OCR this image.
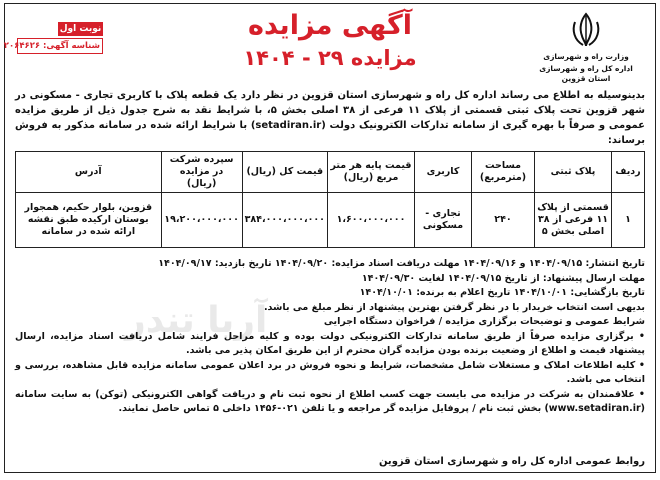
وزارت راه و شهرسازی
اداره کل راه و شهرسازی استان قزوین
آگهی مزایده
مزایده ۲۹ - ۱۴۰۴
نوبت اول
شناسه آگهی: ۲۰۶۴۶۲۶
بدینوسیله به اطلاع می رساند اداره کل راه و شهرسازی استان قزوین در نظر دارد یک قطعه پلاک با کاربری تجاری - مسکونی در شهر قزوین تحت پلاک ثبتی قسمتی از پلاک ۱۱ فرعی از ۳۸ اصلی بخش ۵، با شرایط نقد به شرح جدول ذیل از طریق مزایده عمومی و صرفاً با بهره گیری از سامانه تدارکات الکترونیک دولت (setadiran.ir) با شرایط ارائه شده در سامانه مذکور به فروش برساند:
ردیف	پلاک ثبتی	مساحت (مترمربع)	کاربری	قیمت پایه هر متر مربع (ریال)	قیمت کل (ریال)	سپرده شرکت در مزایده (ریال)	آدرس
۱	قسمتی از پلاک ۱۱ فرعی از ۳۸ اصلی بخش ۵	۲۴۰	تجاری - مسکونی	۱،۶۰۰،۰۰۰،۰۰۰	۳۸۴،۰۰۰،۰۰۰،۰۰۰	۱۹،۲۰۰،۰۰۰،۰۰۰	قزوین، بلوار حکیم، همجوار بوستان ارکیده طبق نقشه ارائه شده در سامانه
آریا تندر

تاریخ انتشار: ۱۴۰۴/۰۹/۱۵ و ۱۴۰۴/۰۹/۱۶ مهلت دریافت اسناد مزایده: ۱۴۰۴/۰۹/۲۰ تاریخ بازدید: ۱۴۰۴/۰۹/۱۷

مهلت ارسال پیشنهاد: از تاریخ ۱۴۰۴/۰۹/۱۵ لغایت ۱۴۰۴/۰۹/۳۰

تاریخ بازگشایی: ۱۴۰۴/۱۰/۰۱ تاریخ اعلام به برنده: ۱۴۰۴/۱۰/۰۱

بدیهی است انتخاب خریدار با در نظر گرفتن بهترین پیشنهاد از نظر مبلغ می باشد.

شرایط عمومی و توضیحات برگزاری مزایده / فراخوان دستگاه اجرایی

• برگزاری مزایده صرفاً از طریق سامانه تدارکات الکترونیکی دولت بوده و کلیه مراحل فرایند شامل دریافت اسناد مزایده، ارسال پیشنهاد قیمت و اطلاع از وضعیت برنده بودن مزایده گران محترم از این طریق امکان پذیر می باشد.

• کلیه اطلاعات املاک و مستغلات شامل مشخصات، شرایط و نحوه فروش در برد اعلان عمومی سامانه مزایده قابل مشاهده، بررسی و انتخاب می باشد.

• علاقمندان به شرکت در مزایده می بایست جهت کسب اطلاع از نحوه ثبت نام و دریافت گواهی الکترونیکی (توکن) به سایت سامانه (www.setadiran.ir) بخش ثبت نام / پروفایل مزایده گر مراجعه و یا تلفن ۰۲۱-۱۴۵۶ داخلی ۵ تماس حاصل نمایند.

روابط عمومی اداره کل راه و شهرسازی استان قزوین
